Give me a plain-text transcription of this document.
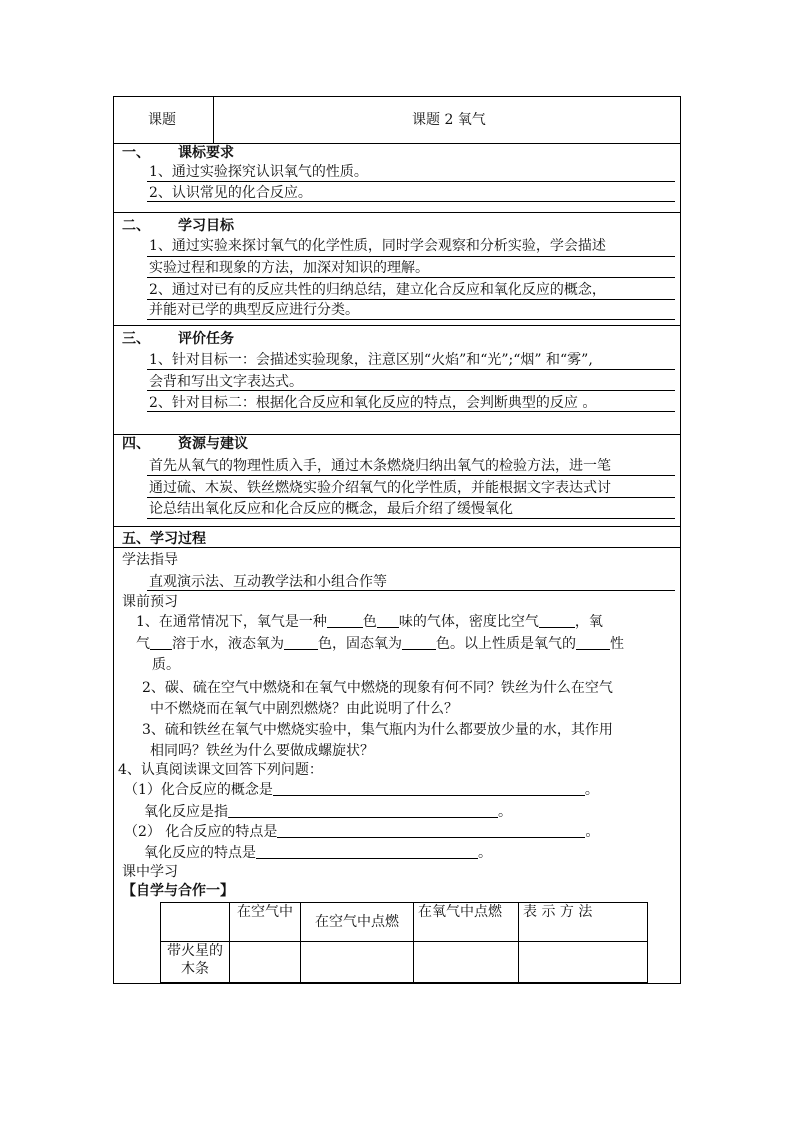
课题	课题 2 氧气
一、 课标要求
1、通过实验探究认识氧气的性质。
2、认识常见的化合反应。
二、 学习目标
1、通过实验来探讨氧气的化学性质，同时学会观察和分析实验，学会描述
实验过程和现象的方法，加深对知识的理解。
2、通过对已有的反应共性的归纳总结，建立化合反应和氧化反应的概念，
并能对已学的典型反应进行分类。
三、 评价任务
1、针对目标一：会描述实验现象，注意区别“火焰”和“光”;“烟” 和“雾”,
会背和写出文字表达式。
2、针对目标二：根据化合反应和氧化反应的特点，会判断典型的反应 。
四、 资源与建议
首先从氧气的物理性质入手，通过木条燃烧归纳出氧气的检验方法，进一笔
通过硫、木炭、铁丝燃烧实验介绍氧气的化学性质，并能根据文字表达式讨
论总结出氧化反应和化合反应的概念，最后介绍了缓慢氧化
五、学习过程
学法指导
直观演示法、互动教学法和小组合作等
课前预习
1、在通常情况下，氧气是一种	色 味的气体，密度比空气	，氧
气 溶于水，液态氧为 色，固态氧为 色。以上性质是氧气的 性
质。
2、碳、硫在空气中燃烧和在氧气中燃烧的现象有何不同？铁丝为什么在空气
中不燃烧而在氧气中剧烈燃烧？由此说明了什么？
3、硫和铁丝在氧气中燃烧实验中，集气瓶内为什么都要放少量的水，其作用
相同吗？铁丝为什么要做成螺旋状？
4、认真阅读课文回答下列问题：
（1）化合反应的概念是	。
氧化反应是指	。
（2） 化合反应的特点是	。
氧化反应的特点是	。
课中学习
【自学与合作一】
	在空气中	在空气中点燃	在氧气中点燃	表 示 方 法
带火星的木条				
